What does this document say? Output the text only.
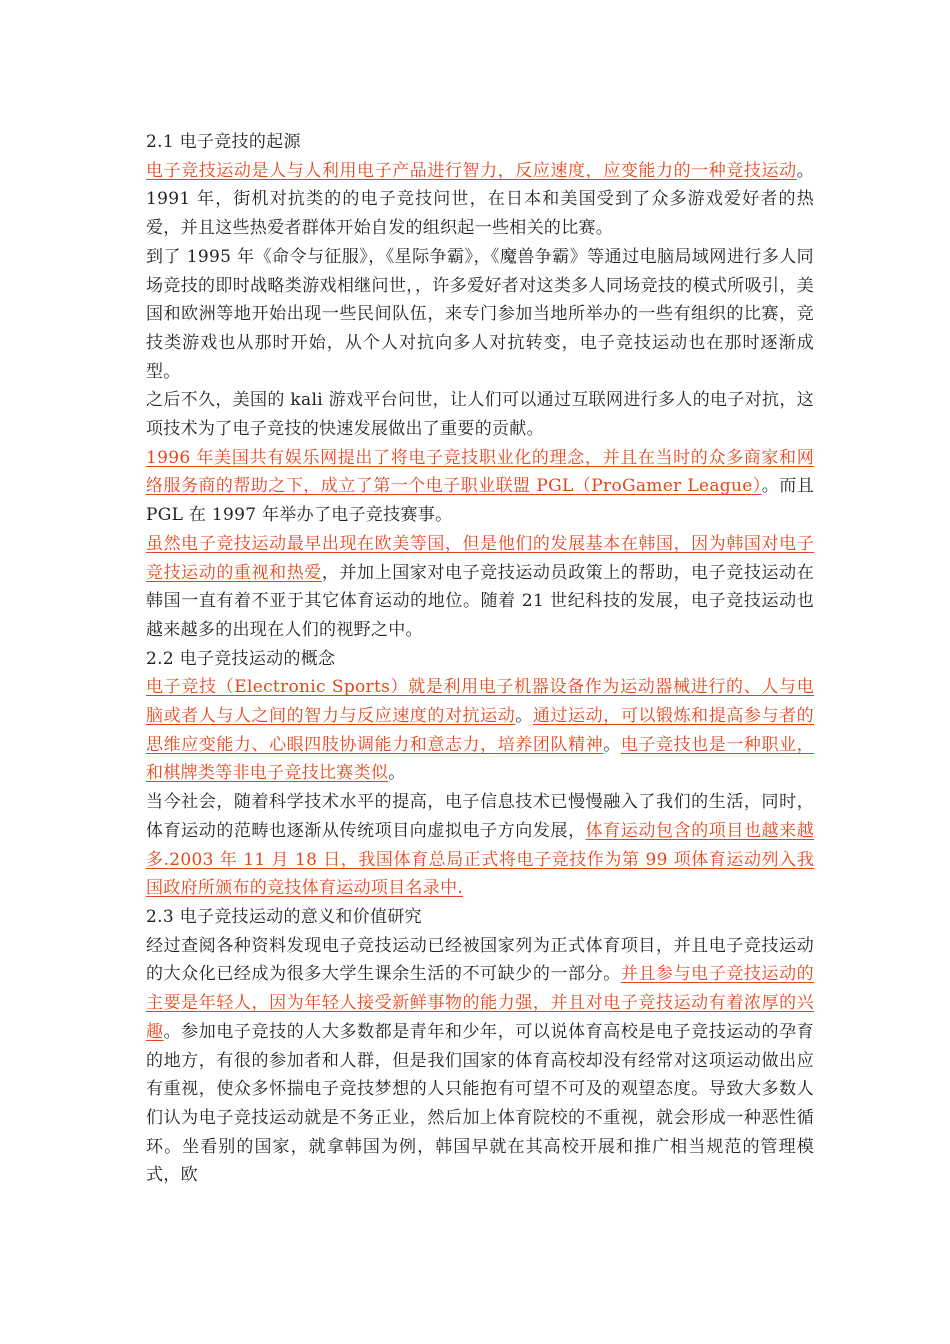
2.1 电子竞技的起源
电子竞技运动是人与人利用电子产品进行智力，反应速度，应变能力的一种竞技运动。1991 年，街机对抗类的的电子竞技问世，在日本和美国受到了众多游戏爱好者的热爱，并且这些热爱者群体开始自发的组织起一些相关的比赛。
到了 1995 年《命令与征服》，《星际争霸》，《魔兽争霸》等通过电脑局域网进行多人同场竞技的即时战略类游戏相继问世，，许多爱好者对这类多人同场竞技的模式所吸引，美国和欧洲等地开始出现一些民间队伍，来专门参加当地所举办的一些有组织的比赛，竞技类游戏也从那时开始，从个人对抗向多人对抗转变，电子竞技运动也在那时逐渐成型。
之后不久，美国的 kali 游戏平台问世，让人们可以通过互联网进行多人的电子对抗，这项技术为了电子竞技的快速发展做出了重要的贡献。
1996 年美国共有娱乐网提出了将电子竞技职业化的理念，并且在当时的众多商家和网络服务商的帮助之下，成立了第一个电子职业联盟 PGL（ProGamer League）。而且 PGL 在 1997 年举办了电子竞技赛事。
虽然电子竞技运动最早出现在欧美等国，但是他们的发展基本在韩国，因为韩国对电子竞技运动的重视和热爱，并加上国家对电子竞技运动员政策上的帮助，电子竞技运动在韩国一直有着不亚于其它体育运动的地位。随着 21 世纪科技的发展，电子竞技运动也越来越多的出现在人们的视野之中。
2.2 电子竞技运动的概念
电子竞技（Electronic Sports）就是利用电子机器设备作为运动器械进行的、人与电脑或者人与人之间的智力与反应速度的对抗运动。通过运动，可以锻炼和提高参与者的思维应变能力、心眼四肢协调能力和意志力，培养团队精神。电子竞技也是一种职业，和棋牌类等非电子竞技比赛类似。
当今社会，随着科学技术水平的提高，电子信息技术已慢慢融入了我们的生活，同时，体育运动的范畴也逐渐从传统项目向虚拟电子方向发展，体育运动包含的项目也越来越多.2003 年 11 月 18 日，我国体育总局正式将电子竞技作为第 99 项体育运动列入我国政府所颁布的竞技体育运动项目名录中.
2.3 电子竞技运动的意义和价值研究
经过查阅各种资料发现电子竞技运动已经被国家列为正式体育项目，并且电子竞技运动的大众化已经成为很多大学生课余生活的不可缺少的一部分。并且参与电子竞技运动的主要是年轻人，因为年轻人接受新鲜事物的能力强，并且对电子竞技运动有着浓厚的兴趣。参加电子竞技的人大多数都是青年和少年，可以说体育高校是电子竞技运动的孕育的地方，有很的参加者和人群，但是我们国家的体育高校却没有经常对这项运动做出应有重视，使众多怀揣电子竞技梦想的人只能抱有可望不可及的观望态度。导致大多数人们认为电子竞技运动就是不务正业，然后加上体育院校的不重视，就会形成一种恶性循环。坐看别的国家，就拿韩国为例，韩国早就在其高校开展和推广相当规范的管理模式，欧
